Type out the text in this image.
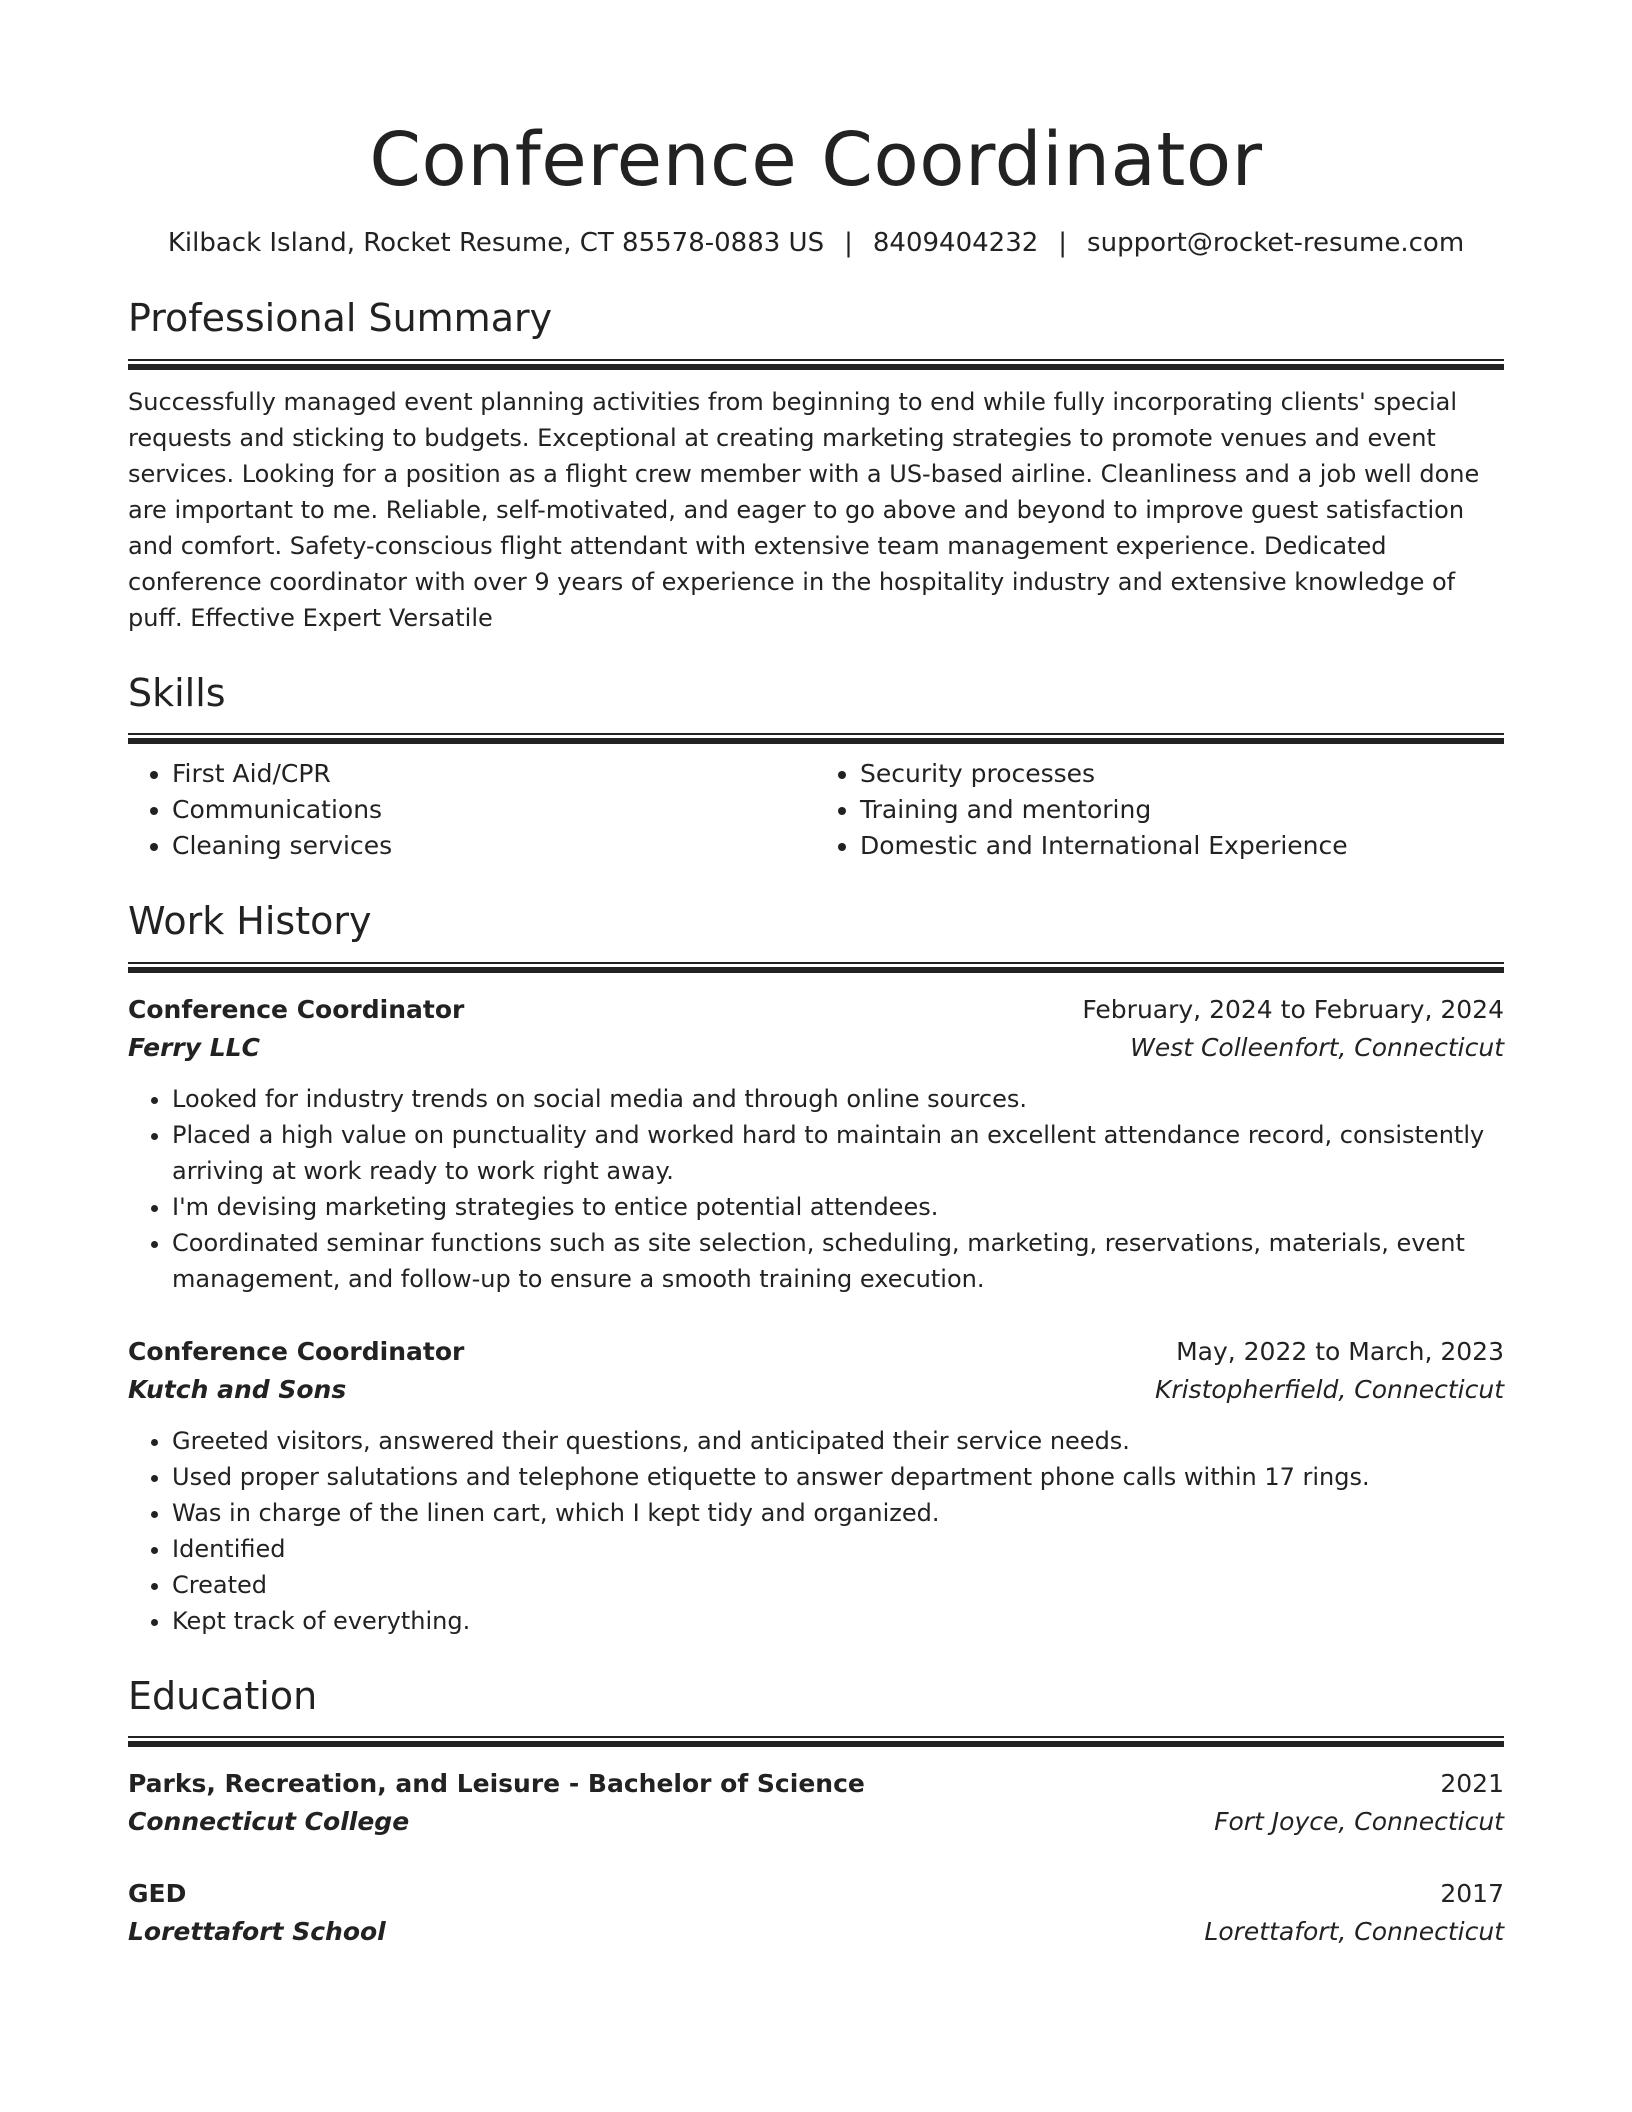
Conference Coordinator
Kilback Island, Rocket Resume, CT 85578-0883 US | 8409404232 | support@rocket-resume.com
Professional Summary

Successfully managed event planning activities from beginning to end while fully incorporating clients' special requests and sticking to budgets. Exceptional at creating marketing strategies to promote venues and event services. Looking for a position as a flight crew member with a US-based airline. Cleanliness and a job well done are important to me. Reliable, self-motivated, and eager to go above and beyond to improve guest satisfaction and comfort. Safety-conscious flight attendant with extensive team management experience. Dedicated conference coordinator with over 9 years of experience in the hospitality industry and extensive knowledge of puff. Effective Expert Versatile

Skills
• First Aid/CPR
• Communications
• Cleaning services
• Security processes
• Training and mentoring
• Domestic and International Experience
Work History
Conference Coordinator	February, 2024 to February, 2024
Ferry LLC	West Colleenfort, Connecticut
• Looked for industry trends on social media and through online sources.
• Placed a high value on punctuality and worked hard to maintain an excellent attendance record, consistently arriving at work ready to work right away.
• I'm devising marketing strategies to entice potential attendees.
• Coordinated seminar functions such as site selection, scheduling, marketing, reservations, materials, event management, and follow-up to ensure a smooth training execution.
Conference Coordinator	May, 2022 to March, 2023
Kutch and Sons	Kristopherfield, Connecticut
• Greeted visitors, answered their questions, and anticipated their service needs.
• Used proper salutations and telephone etiquette to answer department phone calls within 17 rings.
• Was in charge of the linen cart, which I kept tidy and organized.
• Identified
• Created
• Kept track of everything.
Education
Parks, Recreation, and Leisure - Bachelor of Science	2021
Connecticut College	Fort Joyce, Connecticut
GED	2017
Lorettafort School	Lorettafort, Connecticut
